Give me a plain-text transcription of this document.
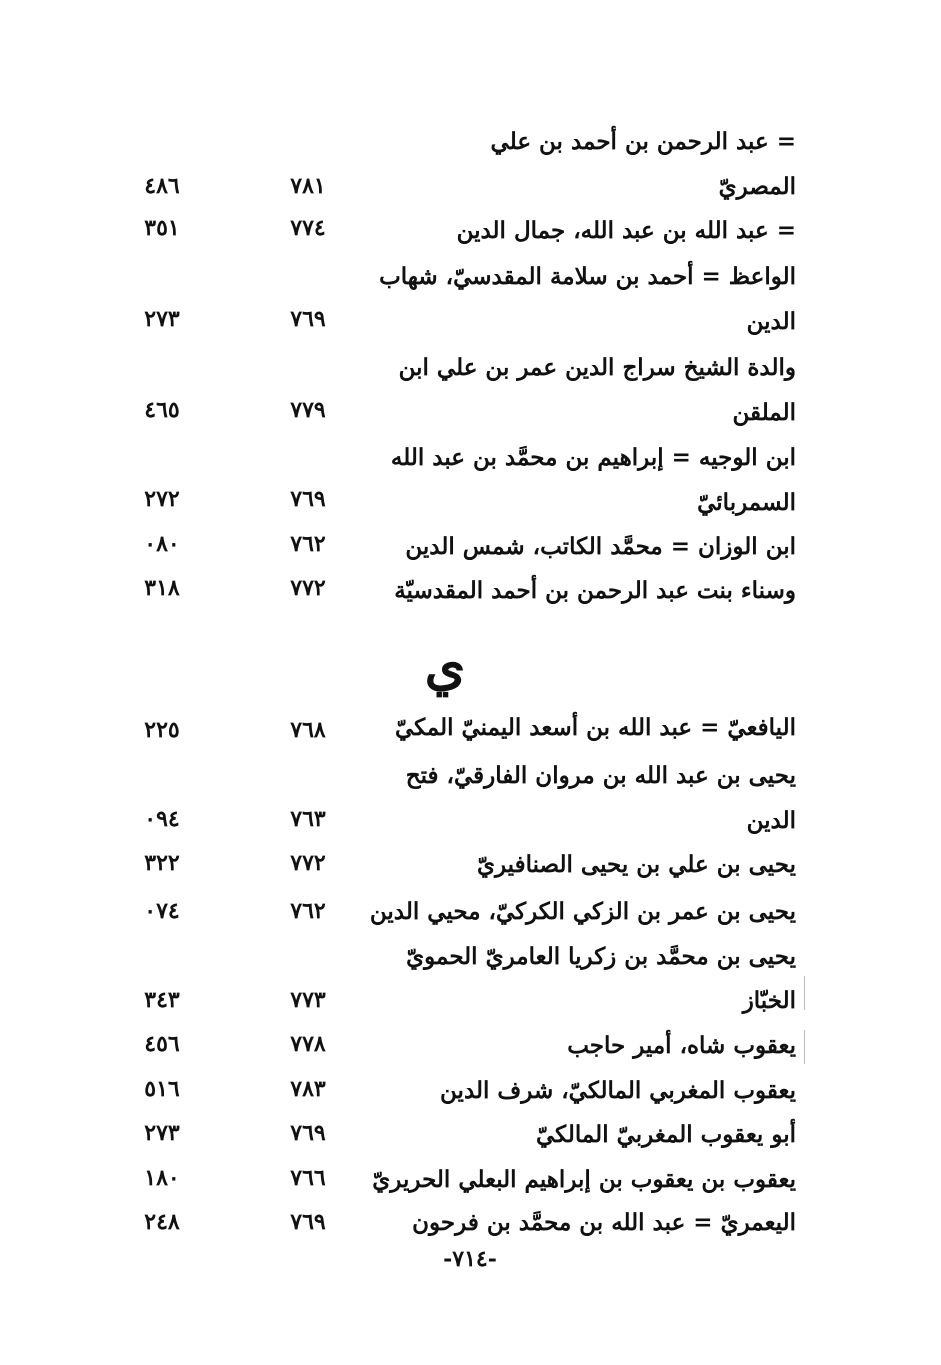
= عبد الرحمن بن أحمد بن علي
المصريّ
٧٨١
٤٨٦
= عبد الله بن عبد الله، جمال الدين
٧٧٤
٣٥١
الواعظ = أحمد بن سلامة المقدسيّ، شهاب
الدين
٧٦٩
٢٧٣
والدة الشيخ سراج الدين عمر بن علي ابن
الملقن
٧٧٩
٤٦٥
ابن الوجيه = إبراهيم بن محمَّد بن عبد الله
السمربائيّ
٧٦٩
٢٧٢
ابن الوزان = محمَّد الكاتب، شمس الدين
٧٦٢
٠٨٠
وسناء بنت عبد الرحمن بن أحمد المقدسيّة
٧٧٢
٣١٨
ي
اليافعيّ = عبد الله بن أسعد اليمنيّ المكيّ
٧٦٨
٢٢٥
يحيى بن عبد الله بن مروان الفارقيّ، فتح
الدين
٧٦٣
٠٩٤
يحيى بن علي بن يحيى الصنافيريّ
٧٧٢
٣٢٢
يحيى بن عمر بن الزكي الكركيّ، محيي الدين
٧٦٢
٠٧٤
يحيى بن محمَّد بن زكريا العامريّ الحمويّ
الخبّاز
٧٧٣
٣٤٣
يعقوب شاه، أمير حاجب
٧٧٨
٤٥٦
يعقوب المغربي المالكيّ، شرف الدين
٧٨٣
٥١٦
أبو يعقوب المغربيّ المالكيّ
٧٦٩
٢٧٣
يعقوب بن يعقوب بن إبراهيم البعلي الحريريّ
٧٦٦
١٨٠
اليعمريّ = عبد الله بن محمَّد بن فرحون
٧٦٩
٢٤٨
-٧١٤-
